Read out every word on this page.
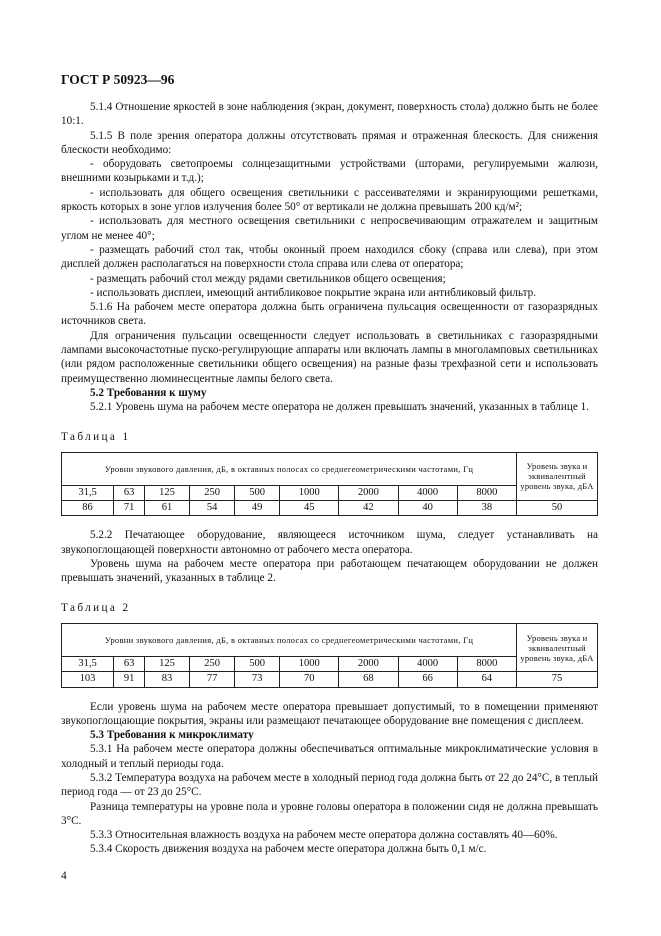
ГОСТ Р 50923—96

5.1.4 Отношение яркостей в зоне наблюдения (экран, документ, поверхность стола) должно быть не более 10:1.

5.1.5 В поле зрения оператора должны отсутствовать прямая и отраженная блескость. Для снижения блескости необходимо:

- оборудовать светопроемы солнцезащитными устройствами (шторами, регулируемыми жалюзи, внешними козырьками и т.д.);

- использовать для общего освещения светильники с рассеивателями и экранирующими решетками, яркость которых в зоне углов излучения более 50° от вертикали не должна превышать 200 кд/м²;

- использовать для местного освещения светильники с непросвечивающим отражателем и защитным углом не менее 40°;

- размещать рабочий стол так, чтобы оконный проем находился сбоку (справа или слева), при этом дисплей должен располагаться на поверхности стола справа или слева от оператора;

- размещать рабочий стол между рядами светильников общего освещения;

- использовать дисплеи, имеющий антибликовое покрытие экрана или антибликовый фильтр.

5.1.6 На рабочем месте оператора должна быть ограничена пульсация освещенности от газоразрядных источников света.

Для ограничения пульсации освещенности следует использовать в светильниках с газоразрядными лампами высокочастотные пуско-регулирующие аппараты или включать лампы в многоламповых светильниках (или рядом расположенные светильники общего освещения) на разные фазы трехфазной сети и использовать преимущественно люминесцентные лампы белого света.

5.2 Требования к шуму

5.2.1 Уровень шума на рабочем месте оператора не должен превышать значений, указанных в таблице 1.

Таблица 1

Уровни звукового давления, дБ, в октавных полосах со среднегеометрическими частотами, Гц									Уровень звука и эквивалентный уровень звука, дБА
31,5	63	125	250	500	1000	2000	4000	8000	
86	71	61	54	49	45	42	40	38	50

5.2.2 Печатающее оборудование, являющееся источником шума, следует устанавливать на звукопоглощающей поверхности автономно от рабочего места оператора.

Уровень шума на рабочем месте оператора при работающем печатающем оборудовании не должен превышать значений, указанных в таблице 2.

Таблица 2

Уровни звукового давления, дБ, в октавных полосах со среднегеометрическими частотами, Гц									Уровень звука и эквивалентный уровень звука, дБА
31,5	63	125	250	500	1000	2000	4000	8000	
103	91	83	77	73	70	68	66	64	75

Если уровень шума на рабочем месте оператора превышает допустимый, то в помещении применяют звукопоглощающие покрытия, экраны или размещают печатающее оборудование вне помещения с дисплеем.

5.3 Требования к микроклимату

5.3.1 На рабочем месте оператора должны обеспечиваться оптимальные микроклиматические условия в холодный и теплый периоды года.

5.3.2 Температура воздуха на рабочем месте в холодный период года должна быть от 22 до 24°С, в теплый период года — от 23 до 25°С.

Разница температуры на уровне пола и уровне головы оператора в положении сидя не должна превышать 3°С.

5.3.3 Относительная влажность воздуха на рабочем месте оператора должна составлять 40—60%.

5.3.4 Скорость движения воздуха на рабочем месте оператора должна быть 0,1 м/с.

4
